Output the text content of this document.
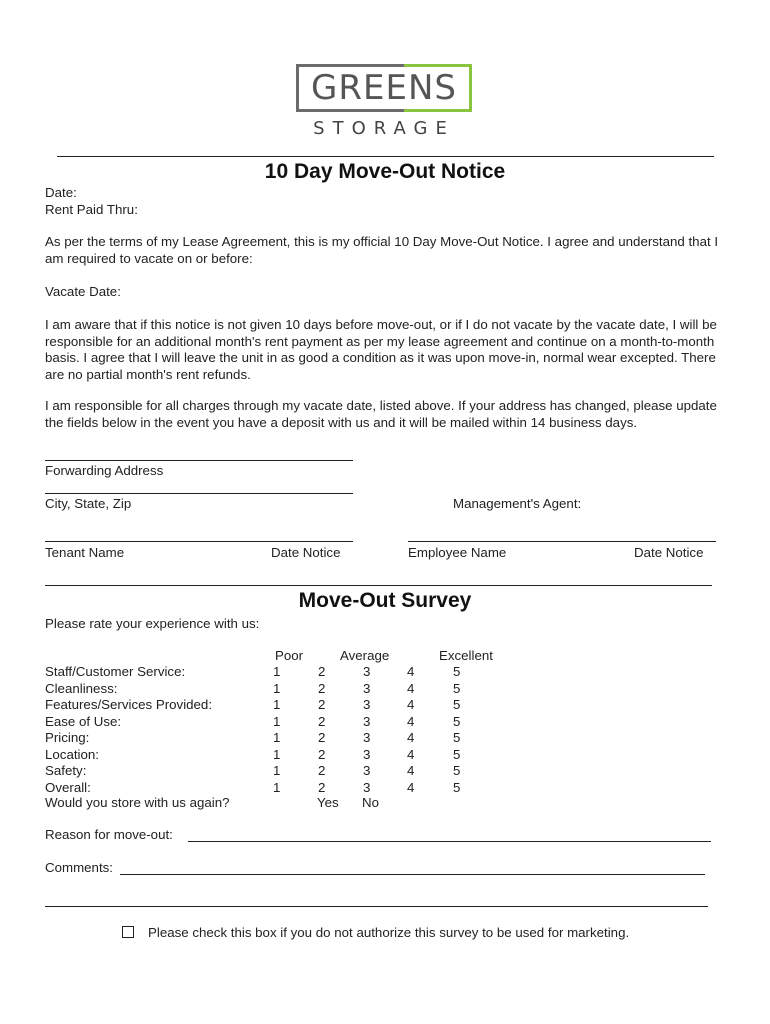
GREENS
STORAGE
10 Day Move-Out Notice
Date:
Rent Paid Thru:
As per the terms of my Lease Agreement, this is my official 10 Day Move-Out Notice. I agree and understand that I am required to vacate on or before:
Vacate Date:
I am aware that if this notice is not given 10 days before move-out, or if I do not vacate by the vacate date, I will be responsible for an additional month's rent payment as per my lease agreement and continue on a month-to-month basis. I agree that I will leave the unit in as good a condition as it was upon move-in, normal wear excepted. There are no partial month's rent refunds.
I am responsible for all charges through my vacate date, listed above. If your address has changed, please update the fields below in the event you have a deposit with us and it will be mailed within 14 business days.
Forwarding Address
City, State, Zip	Management's Agent:
Tenant Name	Date Notice	Employee Name	Date Notice
Move-Out Survey
Please rate your experience with us:
Poor	Average	Excellent
Staff/Customer Service:	1	2	3	4	5
Cleanliness:	1	2	3	4	5
Features/Services Provided:	1	2	3	4	5
Ease of Use:	1	2	3	4	5
Pricing:	1	2	3	4	5
Location:	1	2	3	4	5
Safety:	1	2	3	4	5
Overall:	1	2	3	4	5
Would you store with us again?	Yes No
Reason for move-out:
Comments:
Please check this box if you do not authorize this survey to be used for marketing.
